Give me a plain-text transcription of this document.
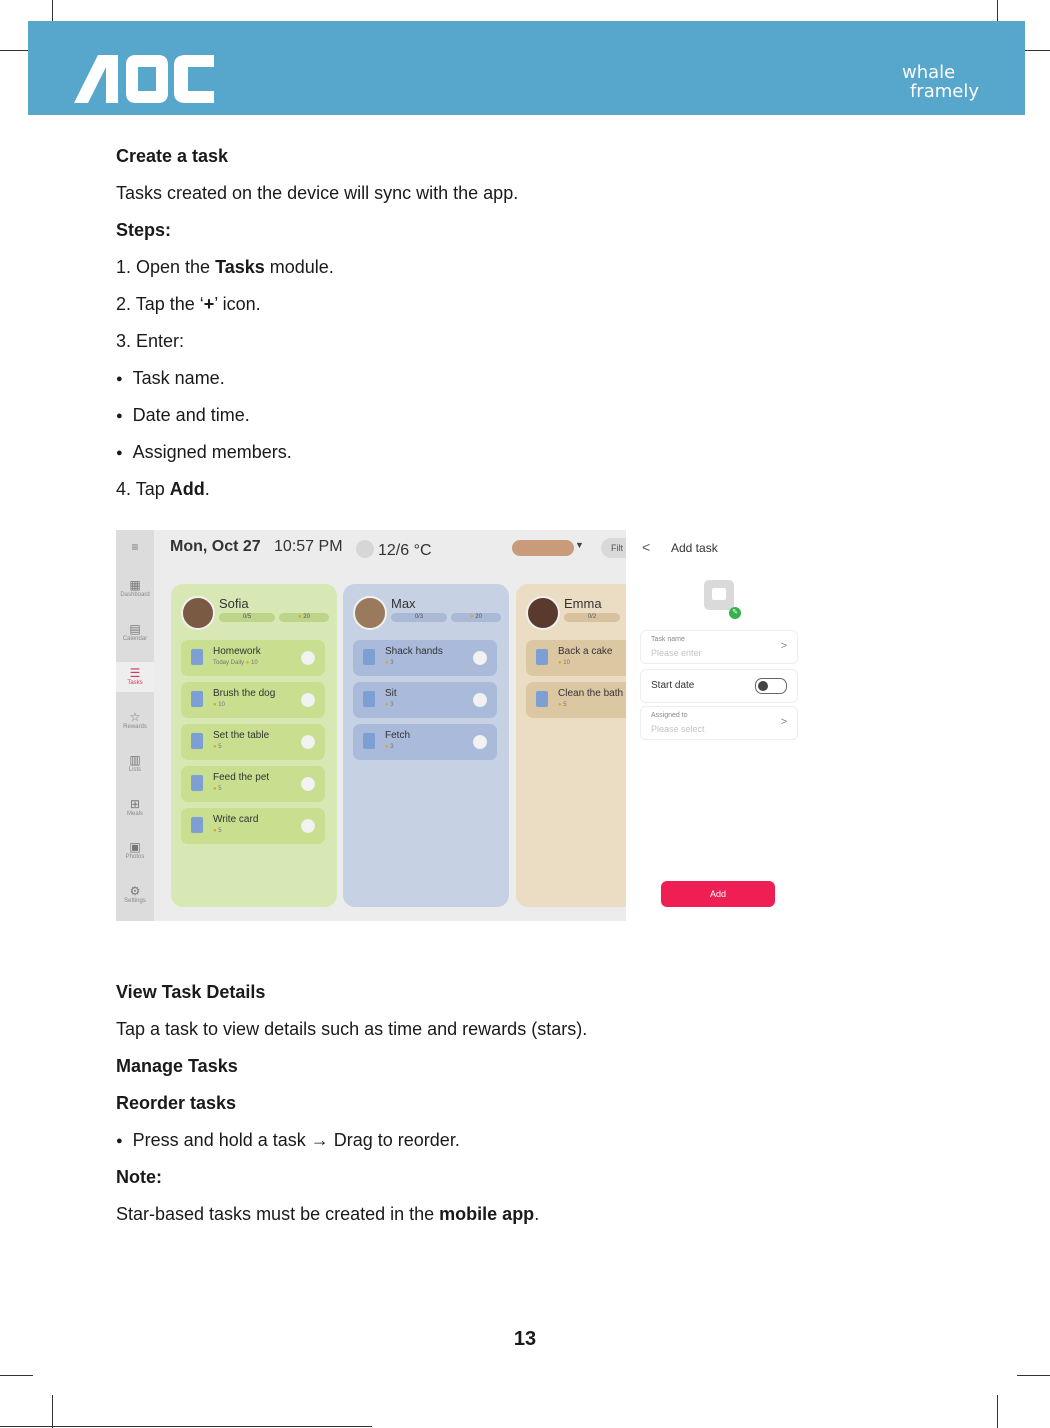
whale
framely
Create a task
Tasks created on the device will sync with the app.
Steps:
1. Open the Tasks module.
2. Tap the ‘+’ icon.
3. Enter:
● Task name.
● Date and time.
● Assigned members.
4. Tap Add.
≡
▦
Dashboard
▤
Calendar
☰
Tasks
☆
Rewards
▥
Lists
⊞
Meals
▣
Photos
⚙
Settings
Mon, Oct 27 10:57 PM	12/6 °C	▼	Filt
Sofia
0/5	● 20
Homework
Today Daily ● 10
Brush the dog
● 10
Set the table
● 5
Feed the pet
● 5
Write card
● 5
Max
0/3	● 20
Shack hands
● 3
Sit
● 3
Fetch
● 3
Emma
0/2
Back a cake
● 10
Clean the bath
● 5
< Add task
✎
Task name
Please enter
>
Start date
Assigned to
Please select
>
Add
View Task Details
Tap a task to view details such as time and rewards (stars).
Manage Tasks
Reorder tasks
● Press and hold a task → Drag to reorder.
Note:
Star-based tasks must be created in the mobile app.
13
